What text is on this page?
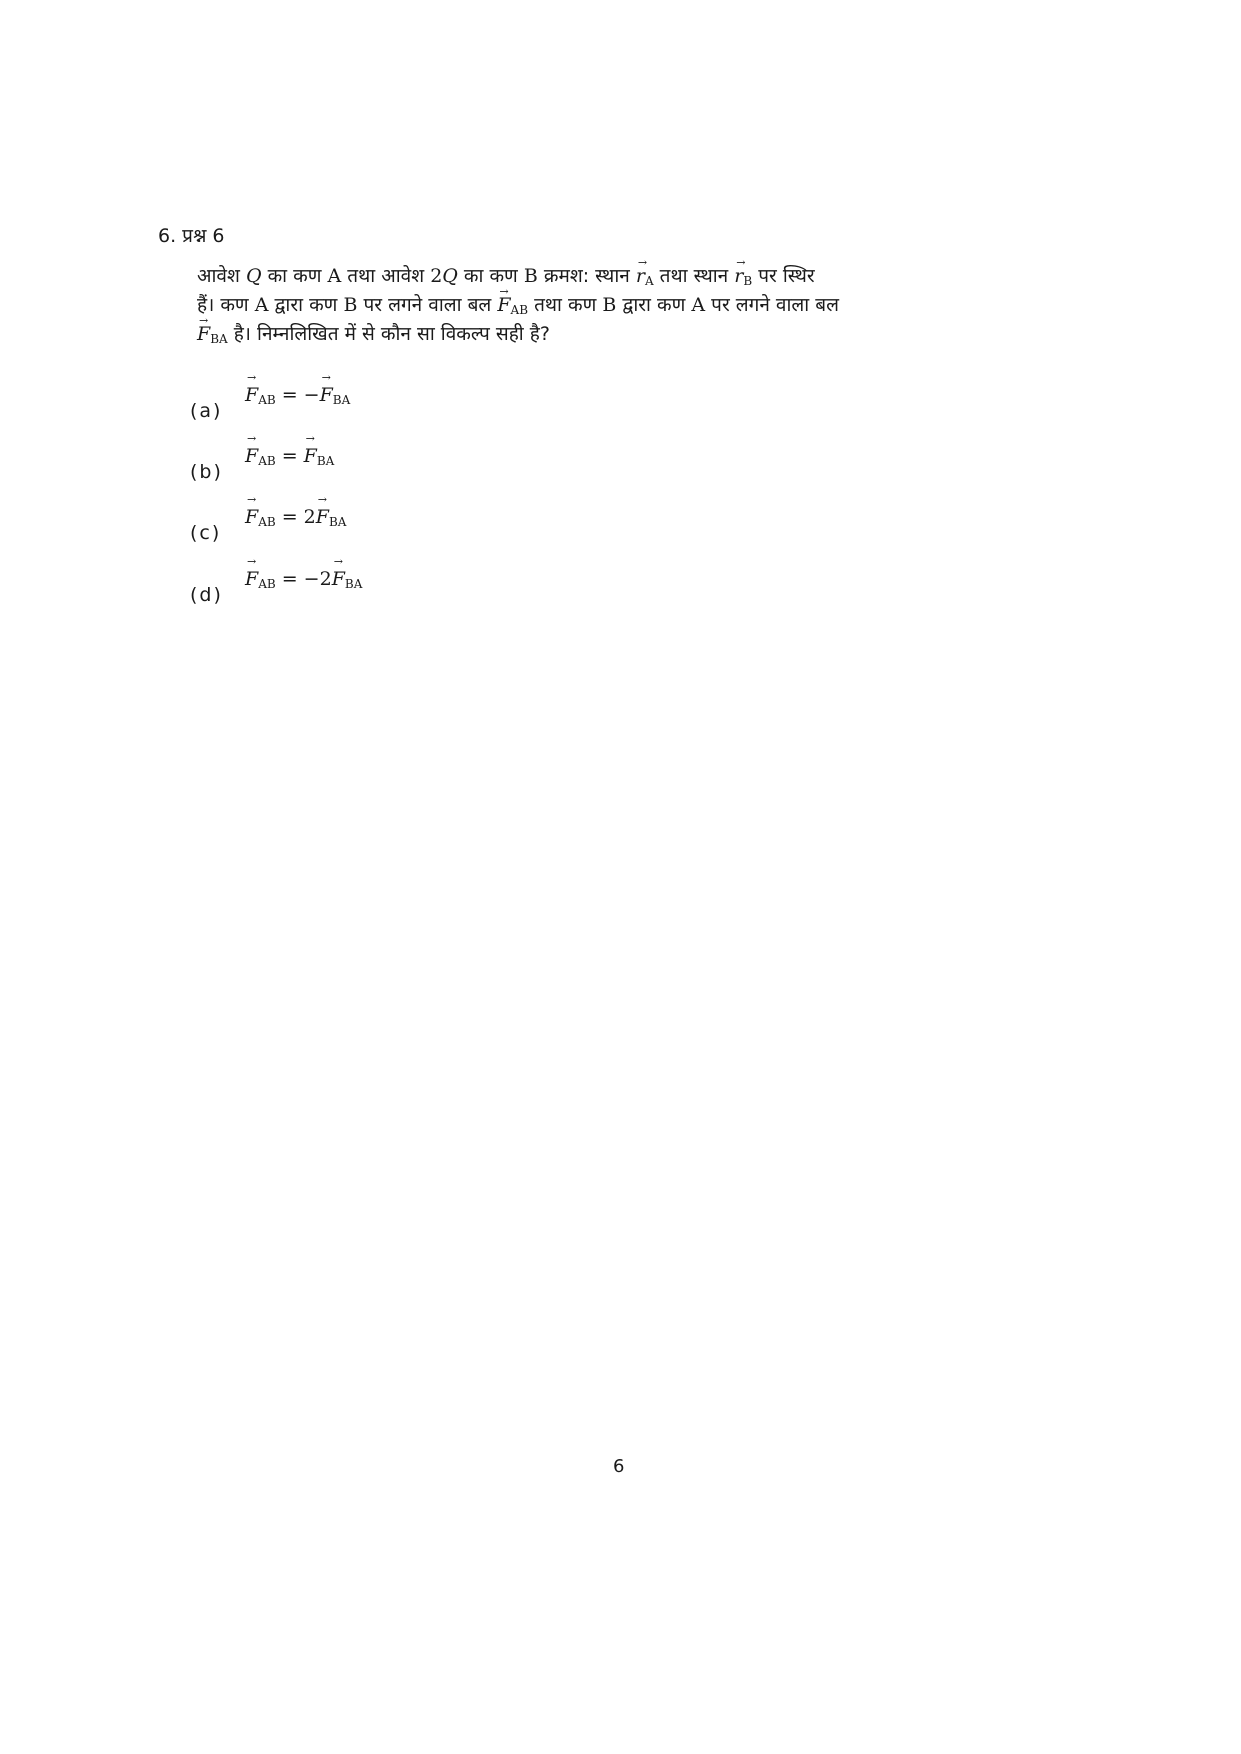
6. प्रश्न 6
आवेश Q का कण A तथा आवेश 2Q का कण B क्रमश: स्थान → $r_A$ तथा स्थान → $r_B$ पर स्थिर
हैं। कण A द्वारा कण B पर लगने वाला बल → $F_{AB}$ तथा कण B द्वारा कण A पर लगने वाला बल
→ $F_{BA}$ है। निम्नलिखित में से कौन सा विकल्प सही है?
(a)
→ $F_{AB}$ = −→ $F_{BA}$
(b)
→ $F_{AB}$ = → $F_{BA}$
(c)
→ $F_{AB} = 2\to F_{BA}$
(d)
→ $F_{AB} = -2\to F_{BA}$
6
